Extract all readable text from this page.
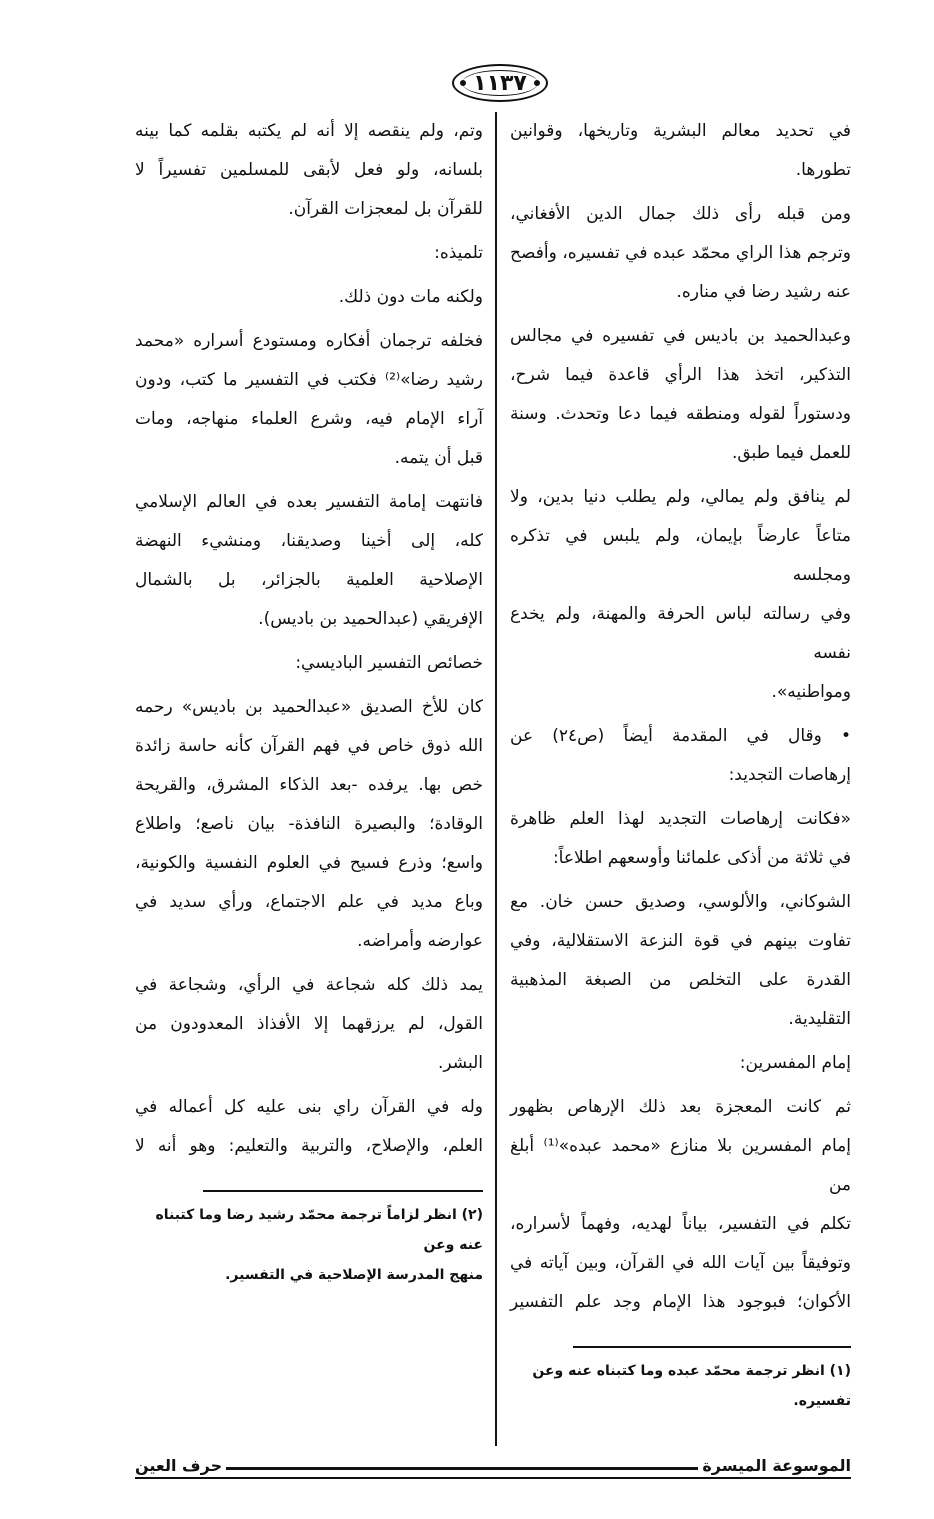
١١٣٧
في تحديد معالم البشرية وتاريخها، وقوانين
تطورها.
ومن قبله رأى ذلك جمال الدين الأفغاني،
وترجم هذا الراي محمّد عبده في تفسيره، وأفصح
عنه رشيد رضا في مناره.
وعبدالحميد بن باديس في تفسيره في مجالس
التذكير، اتخذ هذا الرأي قاعدة فيما شرح،
ودستوراً لقوله ومنطقه فيما دعا وتحدث. وسنة
للعمل فيما طبق.
لم ينافق ولم يمالي، ولم يطلب دنيا بدين، ولا
متاعاً عارضاً بإيمان، ولم يلبس في تذكره ومجلسه
وفي رسالته لباس الحرفة والمهنة، ولم يخدع نفسه
ومواطنيه».
• وقال في المقدمة أيضاً (ص٢٤) عن
إرهاصات التجديد:
«فكانت إرهاصات التجديد لهذا العلم ظاهرة
في ثلاثة من أذكى علمائنا وأوسعهم اطلاعاً:
الشوكاني، والألوسي، وصديق حسن خان. مع
تفاوت بينهم في قوة النزعة الاستقلالية، وفي
القدرة على التخلص من الصبغة المذهبية
التقليدية.
إمام المفسرين:
ثم كانت المعجزة بعد ذلك الإرهاص بظهور
إمام المفسرين بلا منازع «محمد عبده»⁽¹⁾ أبلغ من
تكلم في التفسير، بياناً لهديه، وفهماً لأسراره،
وتوفيقاً بين آيات الله في القرآن، وبين آياته في
الأكوان؛ فبوجود هذا الإمام وجد علم التفسير
(١) انظر ترجمة محمّد عبده وما كتبناه عنه وعن تفسيره.
وتم، ولم ينقصه إلا أنه لم يكتبه بقلمه كما بينه
بلسانه، ولو فعل لأبقى للمسلمين تفسيراً لا
للقرآن بل لمعجزات القرآن.
تلميذه:
ولكنه مات دون ذلك.
فخلفه ترجمان أفكاره ومستودع أسراره «محمد
رشيد رضا»⁽²⁾ فكتب في التفسير ما كتب، ودون
آراء الإمام فيه، وشرع العلماء منهاجه، ومات
قبل أن يتمه.
فانتهت إمامة التفسير بعده في العالم الإسلامي
كله، إلى أخينا وصديقنا، ومنشيء النهضة
الإصلاحية العلمية بالجزائر، بل بالشمال
الإفريقي (عبدالحميد بن باديس).
خصائص التفسير الباديسي:
كان للأخ الصديق «عبدالحميد بن باديس» رحمه
الله ذوق خاص في فهم القرآن كأنه حاسة زائدة
خص بها. يرفده -بعد الذكاء المشرق، والقريحة
الوقادة؛ والبصيرة النافذة- بيان ناصع؛ واطلاع
واسع؛ وذرع فسيح في العلوم النفسية والكونية،
وباع مديد في علم الاجتماع، ورأي سديد في
عوارضه وأمراضه.
يمد ذلك كله شجاعة في الرأي، وشجاعة في
القول، لم يرزقهما إلا الأفذاذ المعدودون من
البشر.
وله في القرآن راي بنى عليه كل أعماله في
العلم، والإصلاح، والتربية والتعليم: وهو أنه لا
(٢) انظر لزاماً ترجمة محمّد رشيد رضا وما كتبناه عنه وعن
منهج المدرسة الإصلاحية في التفسير.
الموسوعة الميسرة
حرف العين
